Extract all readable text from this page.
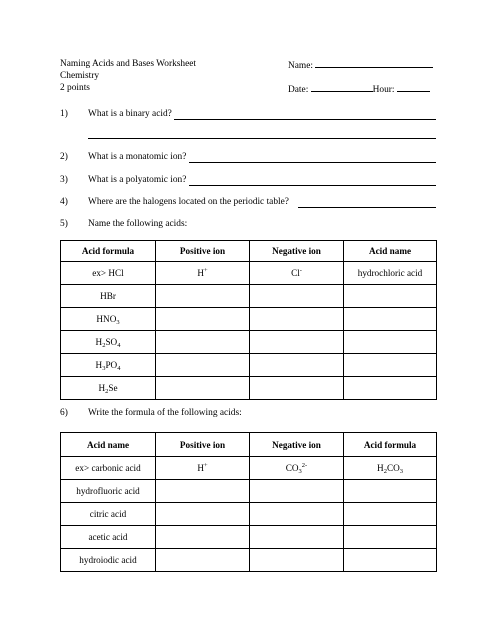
Naming Acids and Bases Worksheet
Chemistry
2 points
Name:
Date:	Hour:
1) What is a binary acid?
2) What is a monatomic ion?
3) What is a polyatomic ion?
4) Where are the halogens located on the periodic table?
5) Name the following acids:
Acid formula	Positive ion	Negative ion	Acid name
ex> HCl	H+	Cl-	hydrochloric acid
HBr			
$HNO_3$			
$H_2SO_4$			
$H_3PO_4$			
$H_2Se$			
6) Write the formula of the following acids:
Acid name	Positive ion	Negative ion	Acid formula
ex> carbonic acid	H+	$CO_3^{2-}$	$H_2CO_3$
hydrofluoric acid			
citric acid			
acetic acid			
hydroiodic acid			
